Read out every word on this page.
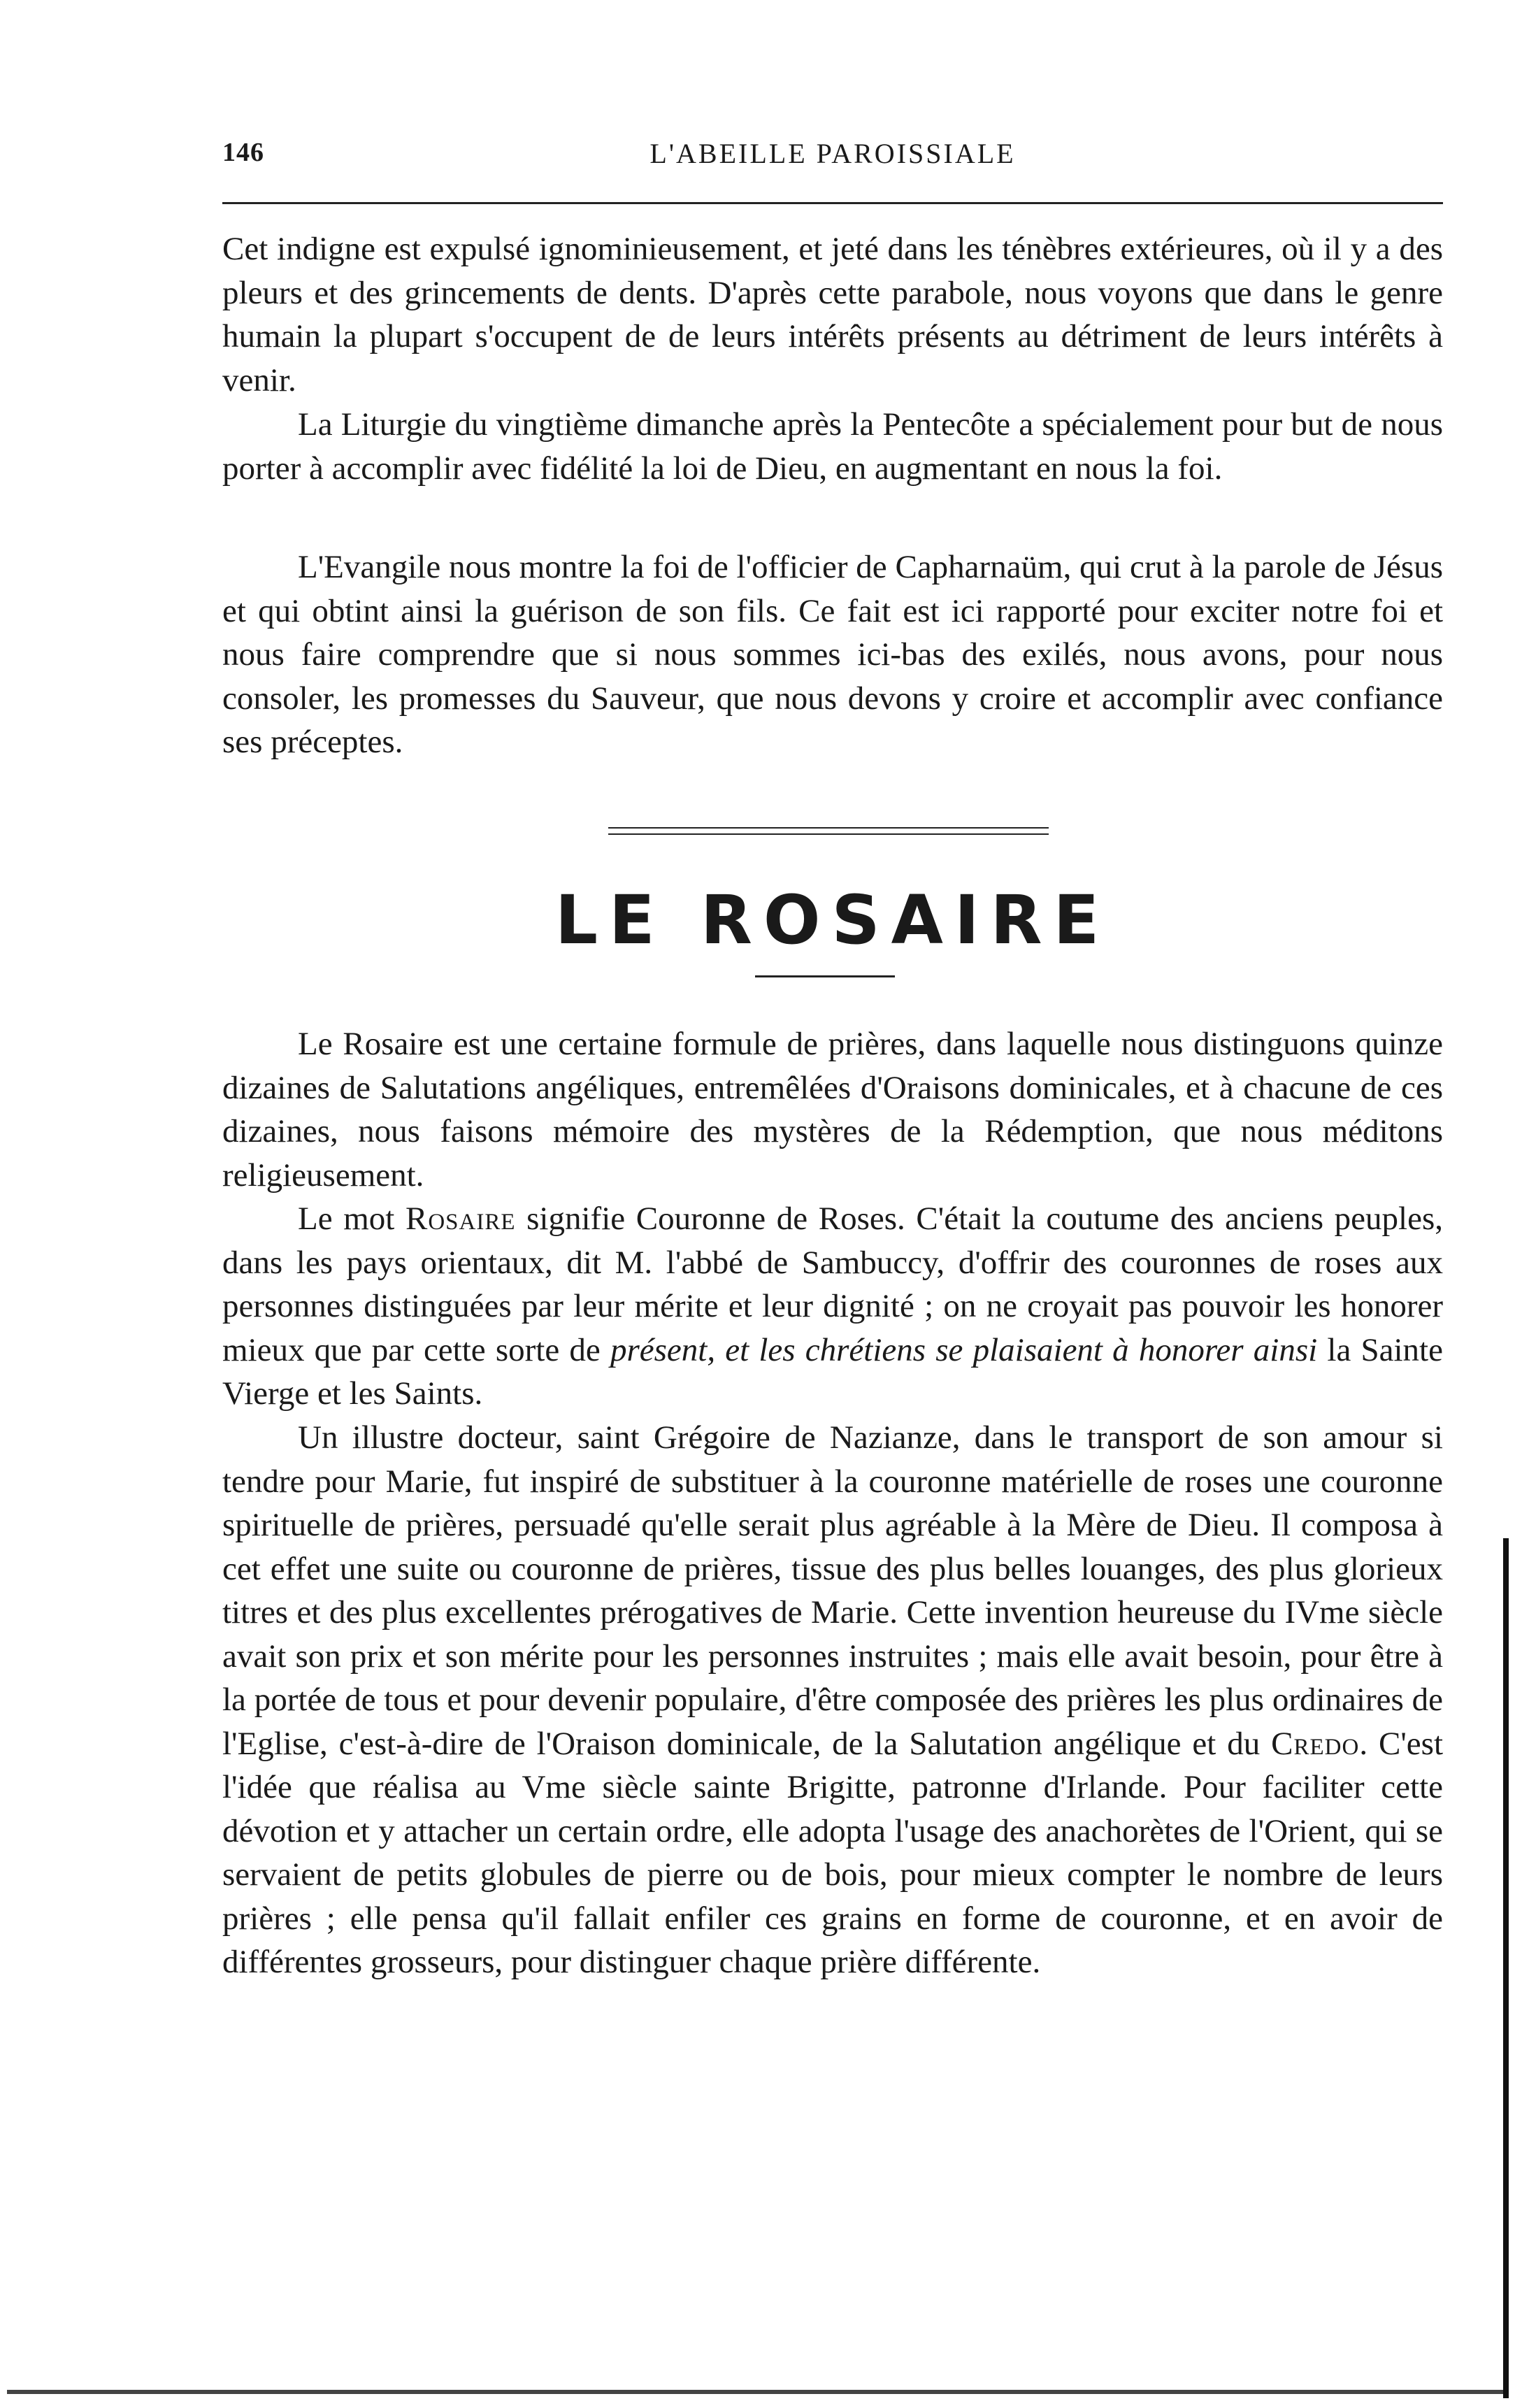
146	L'ABEILLE PAROISSIALE

Cet indigne est expulsé ignominieusement, et jeté dans les ténèbres extérieures, où il y a des pleurs et des grincements de dents. D'après cette parabole, nous voyons que dans le genre humain la plupart s'occupent de de leurs intérêts présents au détriment de leurs intérêts à venir.

La Liturgie du vingtième dimanche après la Pentecôte a spécialement pour but de nous porter à accomplir avec fidélité la loi de Dieu, en augmentant en nous la foi.

L'Evangile nous montre la foi de l'officier de Capharnaüm, qui crut à la parole de Jésus et qui obtint ainsi la guérison de son fils. Ce fait est ici rapporté pour exciter notre foi et nous faire comprendre que si nous sommes ici-bas des exilés, nous avons, pour nous consoler, les promesses du Sauveur, que nous devons y croire et accomplir avec confiance ses préceptes.

LE ROSAIRE

Le Rosaire est une certaine formule de prières, dans laquelle nous distinguons quinze dizaines de Salutations angéliques, entremêlées d'Oraisons dominicales, et à chacune de ces dizaines, nous faisons mémoire des mystères de la Rédemption, que nous méditons religieusement.

Le mot Rosaire signifie Couronne de Roses. C'était la coutume des anciens peuples, dans les pays orientaux, dit M. l'abbé de Sambuccy, d'offrir des couronnes de roses aux personnes distinguées par leur mérite et leur dignité ; on ne croyait pas pouvoir les honorer mieux que par cette sorte de présent, et les chrétiens se plaisaient à honorer ainsi la Sainte Vierge et les Saints.

Un illustre docteur, saint Grégoire de Nazianze, dans le transport de son amour si tendre pour Marie, fut inspiré de substituer à la couronne matérielle de roses une couronne spirituelle de prières, persuadé qu'elle serait plus agréable à la Mère de Dieu. Il composa à cet effet une suite ou couronne de prières, tissue des plus belles louanges, des plus glorieux titres et des plus excellentes prérogatives de Marie. Cette invention heureuse du IVme siècle avait son prix et son mérite pour les personnes instruites ; mais elle avait besoin, pour être à la portée de tous et pour devenir populaire, d'être composée des prières les plus ordinaires de l'Eglise, c'est-à-dire de l'Oraison dominicale, de la Salutation angélique et du Credo. C'est l'idée que réalisa au Vme siècle sainte Brigitte, patronne d'Irlande. Pour faciliter cette dévotion et y attacher un certain ordre, elle adopta l'usage des anachorètes de l'Orient, qui se servaient de petits globules de pierre ou de bois, pour mieux compter le nombre de leurs prières ; elle pensa qu'il fallait enfiler ces grains en forme de couronne, et en avoir de différentes grosseurs, pour distinguer chaque prière différente.
